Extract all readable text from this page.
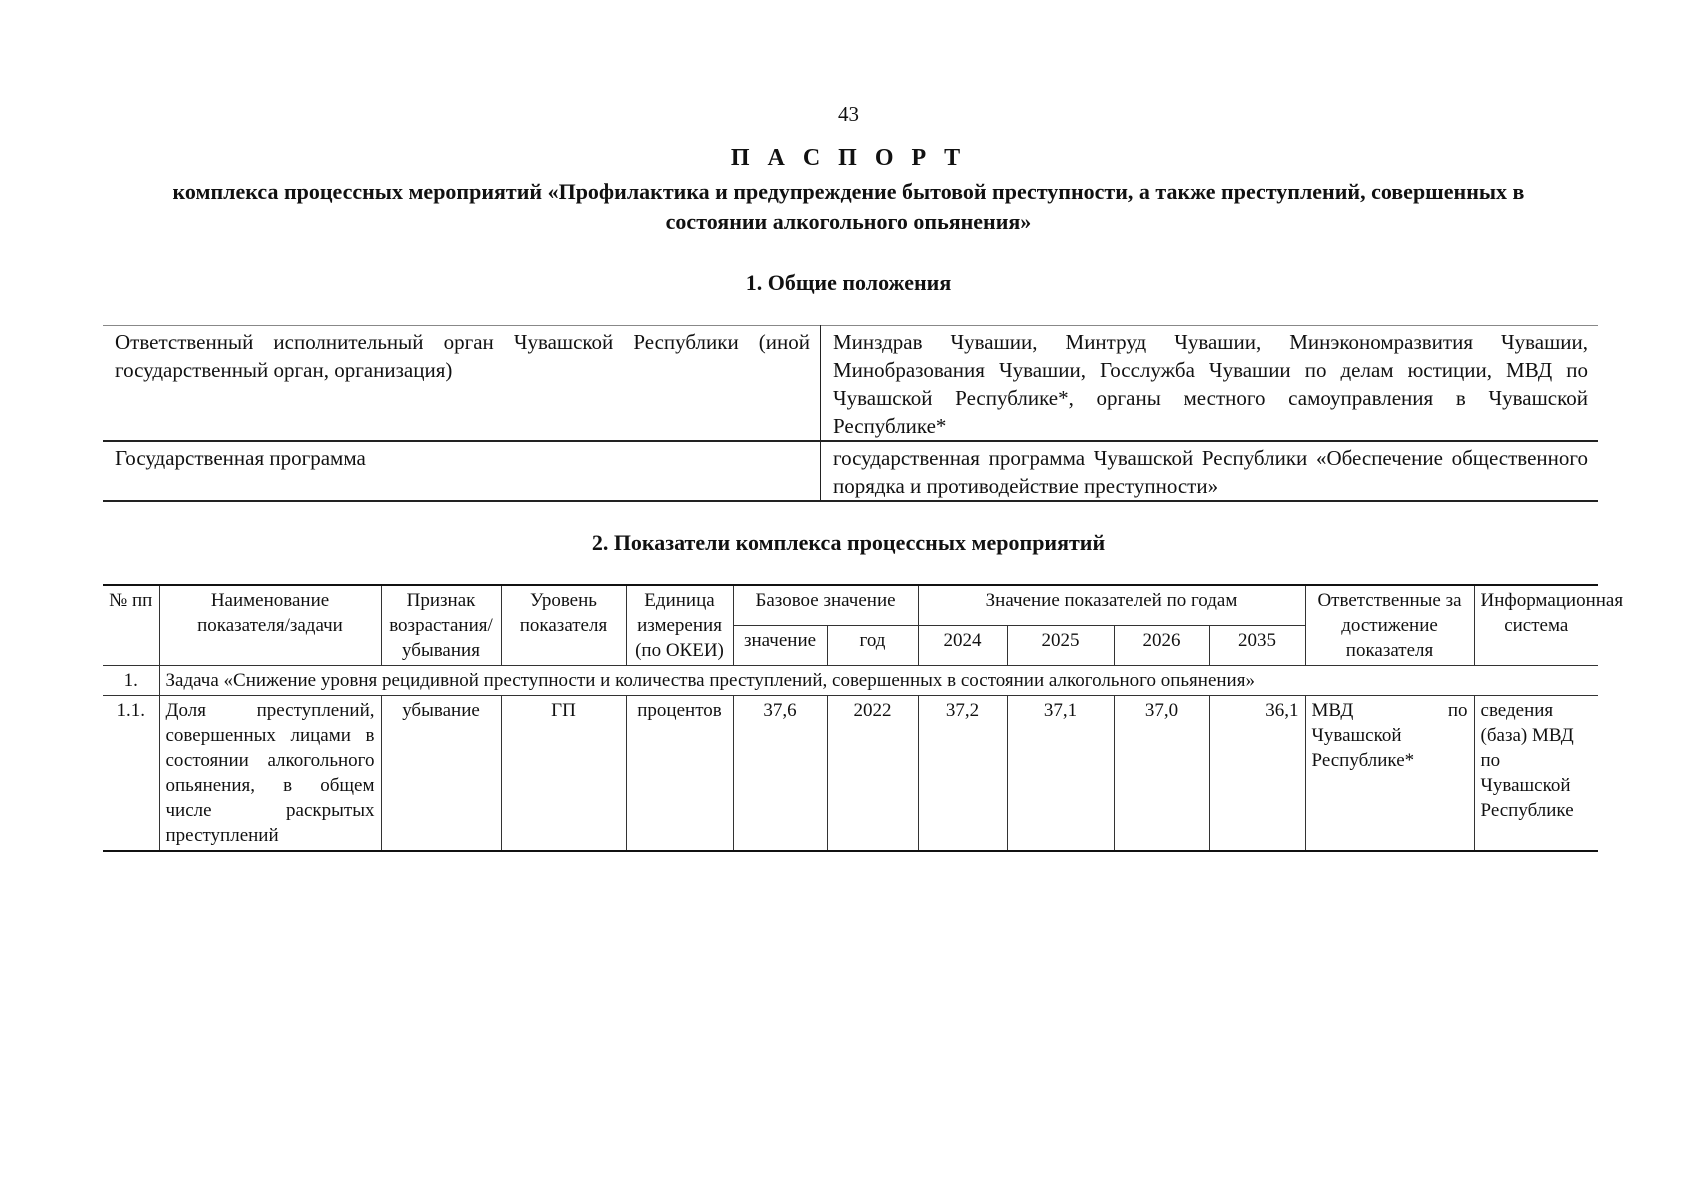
43
П А С П О Р Т
комплекса процессных мероприятий «Профилактика и предупреждение бытовой преступности, а также преступлений, совершенных в состоянии алкогольного опьянения»
1. Общие положения
Ответственный исполнительный орган Чувашской Республики (иной государственный орган, организация)	Минздрав Чувашии, Минтруд Чувашии, Минэкономразвития Чувашии, Минобразования Чувашии, Госслужба Чувашии по делам юстиции, МВД по Чувашской Республике*, органы местного самоуправления в Чувашской Республике*
Государственная программа	государственная программа Чувашской Республики «Обеспечение общественного порядка и противодействие преступности»
2. Показатели комплекса процессных мероприятий
№ пп	Наименование показателя/задачи	Признак возрастания/убывания	Уровень показателя	Единица измерения (по ОКЕИ)	Базовое значение		Значение показателей по годам				Ответственные за достижение показателя	Информационная система
					значение	год	2024	2025	2026	2035		
1.	Задача «Снижение уровня рецидивной преступности и количества преступлений, совершенных в состоянии алкогольного опьянения»											
1.1.	Доля преступлений, совершенных лицами в состоянии алкогольного опьянения, в общем числе раскрытых преступлений	убывание	ГП	процентов	37,6	2022	37,2	37,1	37,0	36,1	МВД по Чувашской Республике*	сведения (база) МВД по Чувашской Республике
